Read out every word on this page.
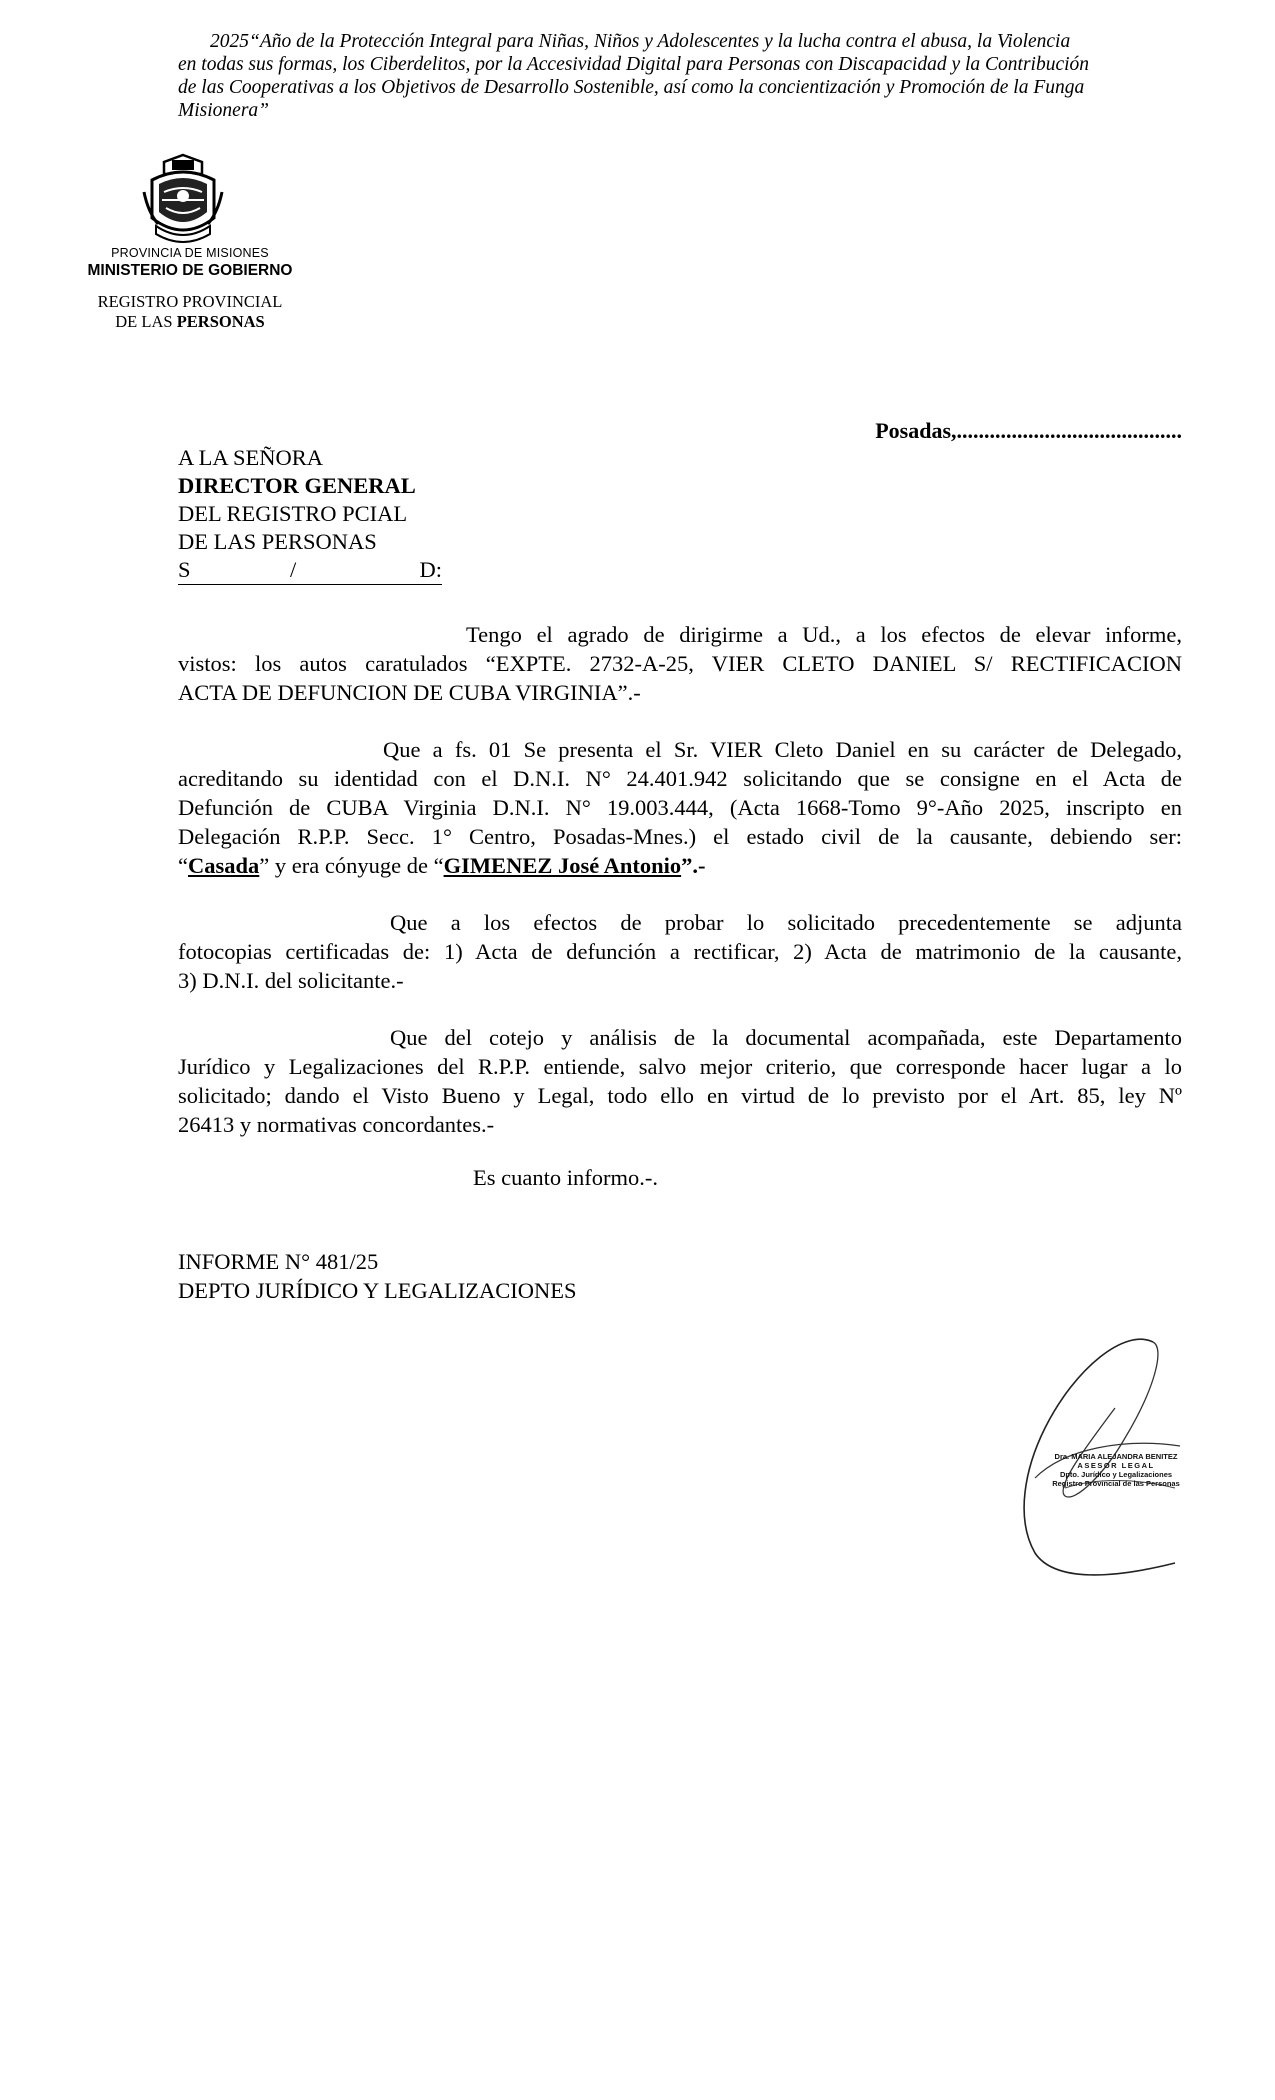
2025“Año de la Protección Integral para Niñas, Niños y Adolescentes y la lucha contra el abusa, la Violencia
en todas sus formas, los Ciberdelitos, por la Accesividad Digital para Personas con Discapacidad y la Contribución
de las Cooperativas a los Objetivos de Desarrollo Sostenible, así como la concientización y Promoción de la Funga
Misionera”
PROVINCIA DE MISIONES
MINISTERIO DE GOBIERNO
REGISTRO PROVINCIAL
DE LAS PERSONAS
Posadas,.........................................
A LA SEÑORA
DIRECTOR GENERAL
DEL REGISTRO PCIAL
DE LAS PERSONAS
S	/	D:
Tengo el agrado de dirigirme a Ud., a los efectos de elevar informe,
vistos: los autos caratulados “EXPTE. 2732-A-25, VIER CLETO DANIEL S/ RECTIFICACION
ACTA DE DEFUNCION DE CUBA VIRGINIA”.-
Que a fs. 01 Se presenta el Sr. VIER Cleto Daniel en su carácter de Delegado,
acreditando su identidad con el D.N.I. N° 24.401.942 solicitando que se consigne en el Acta de
Defunción de CUBA Virginia D.N.I. N° 19.003.444, (Acta 1668-Tomo 9°-Año 2025, inscripto en
Delegación R.P.P. Secc. 1° Centro, Posadas-Mnes.) el estado civil de la causante, debiendo ser:
“Casada” y era cónyuge de “GIMENEZ José Antonio”.-
Que a los efectos de probar lo solicitado precedentemente se adjunta
fotocopias certificadas de: 1) Acta de defunción a rectificar, 2) Acta de matrimonio de la causante,
3) D.N.I. del solicitante.-
Que del cotejo y análisis de la documental acompañada, este Departamento
Jurídico y Legalizaciones del R.P.P. entiende, salvo mejor criterio, que corresponde hacer lugar a lo
solicitado; dando el Visto Bueno y Legal, todo ello en virtud de lo previsto por el Art. 85, ley Nº
26413 y normativas concordantes.-
Es cuanto informo.-.
INFORME N° 481/25
DEPTO JURÍDICO Y LEGALIZACIONES
Dra. MARIA ALEJANDRA BENITEZ
ASESOR LEGAL
Dpto. Jurídico y Legalizaciones
Registro Provincial de las Personas
